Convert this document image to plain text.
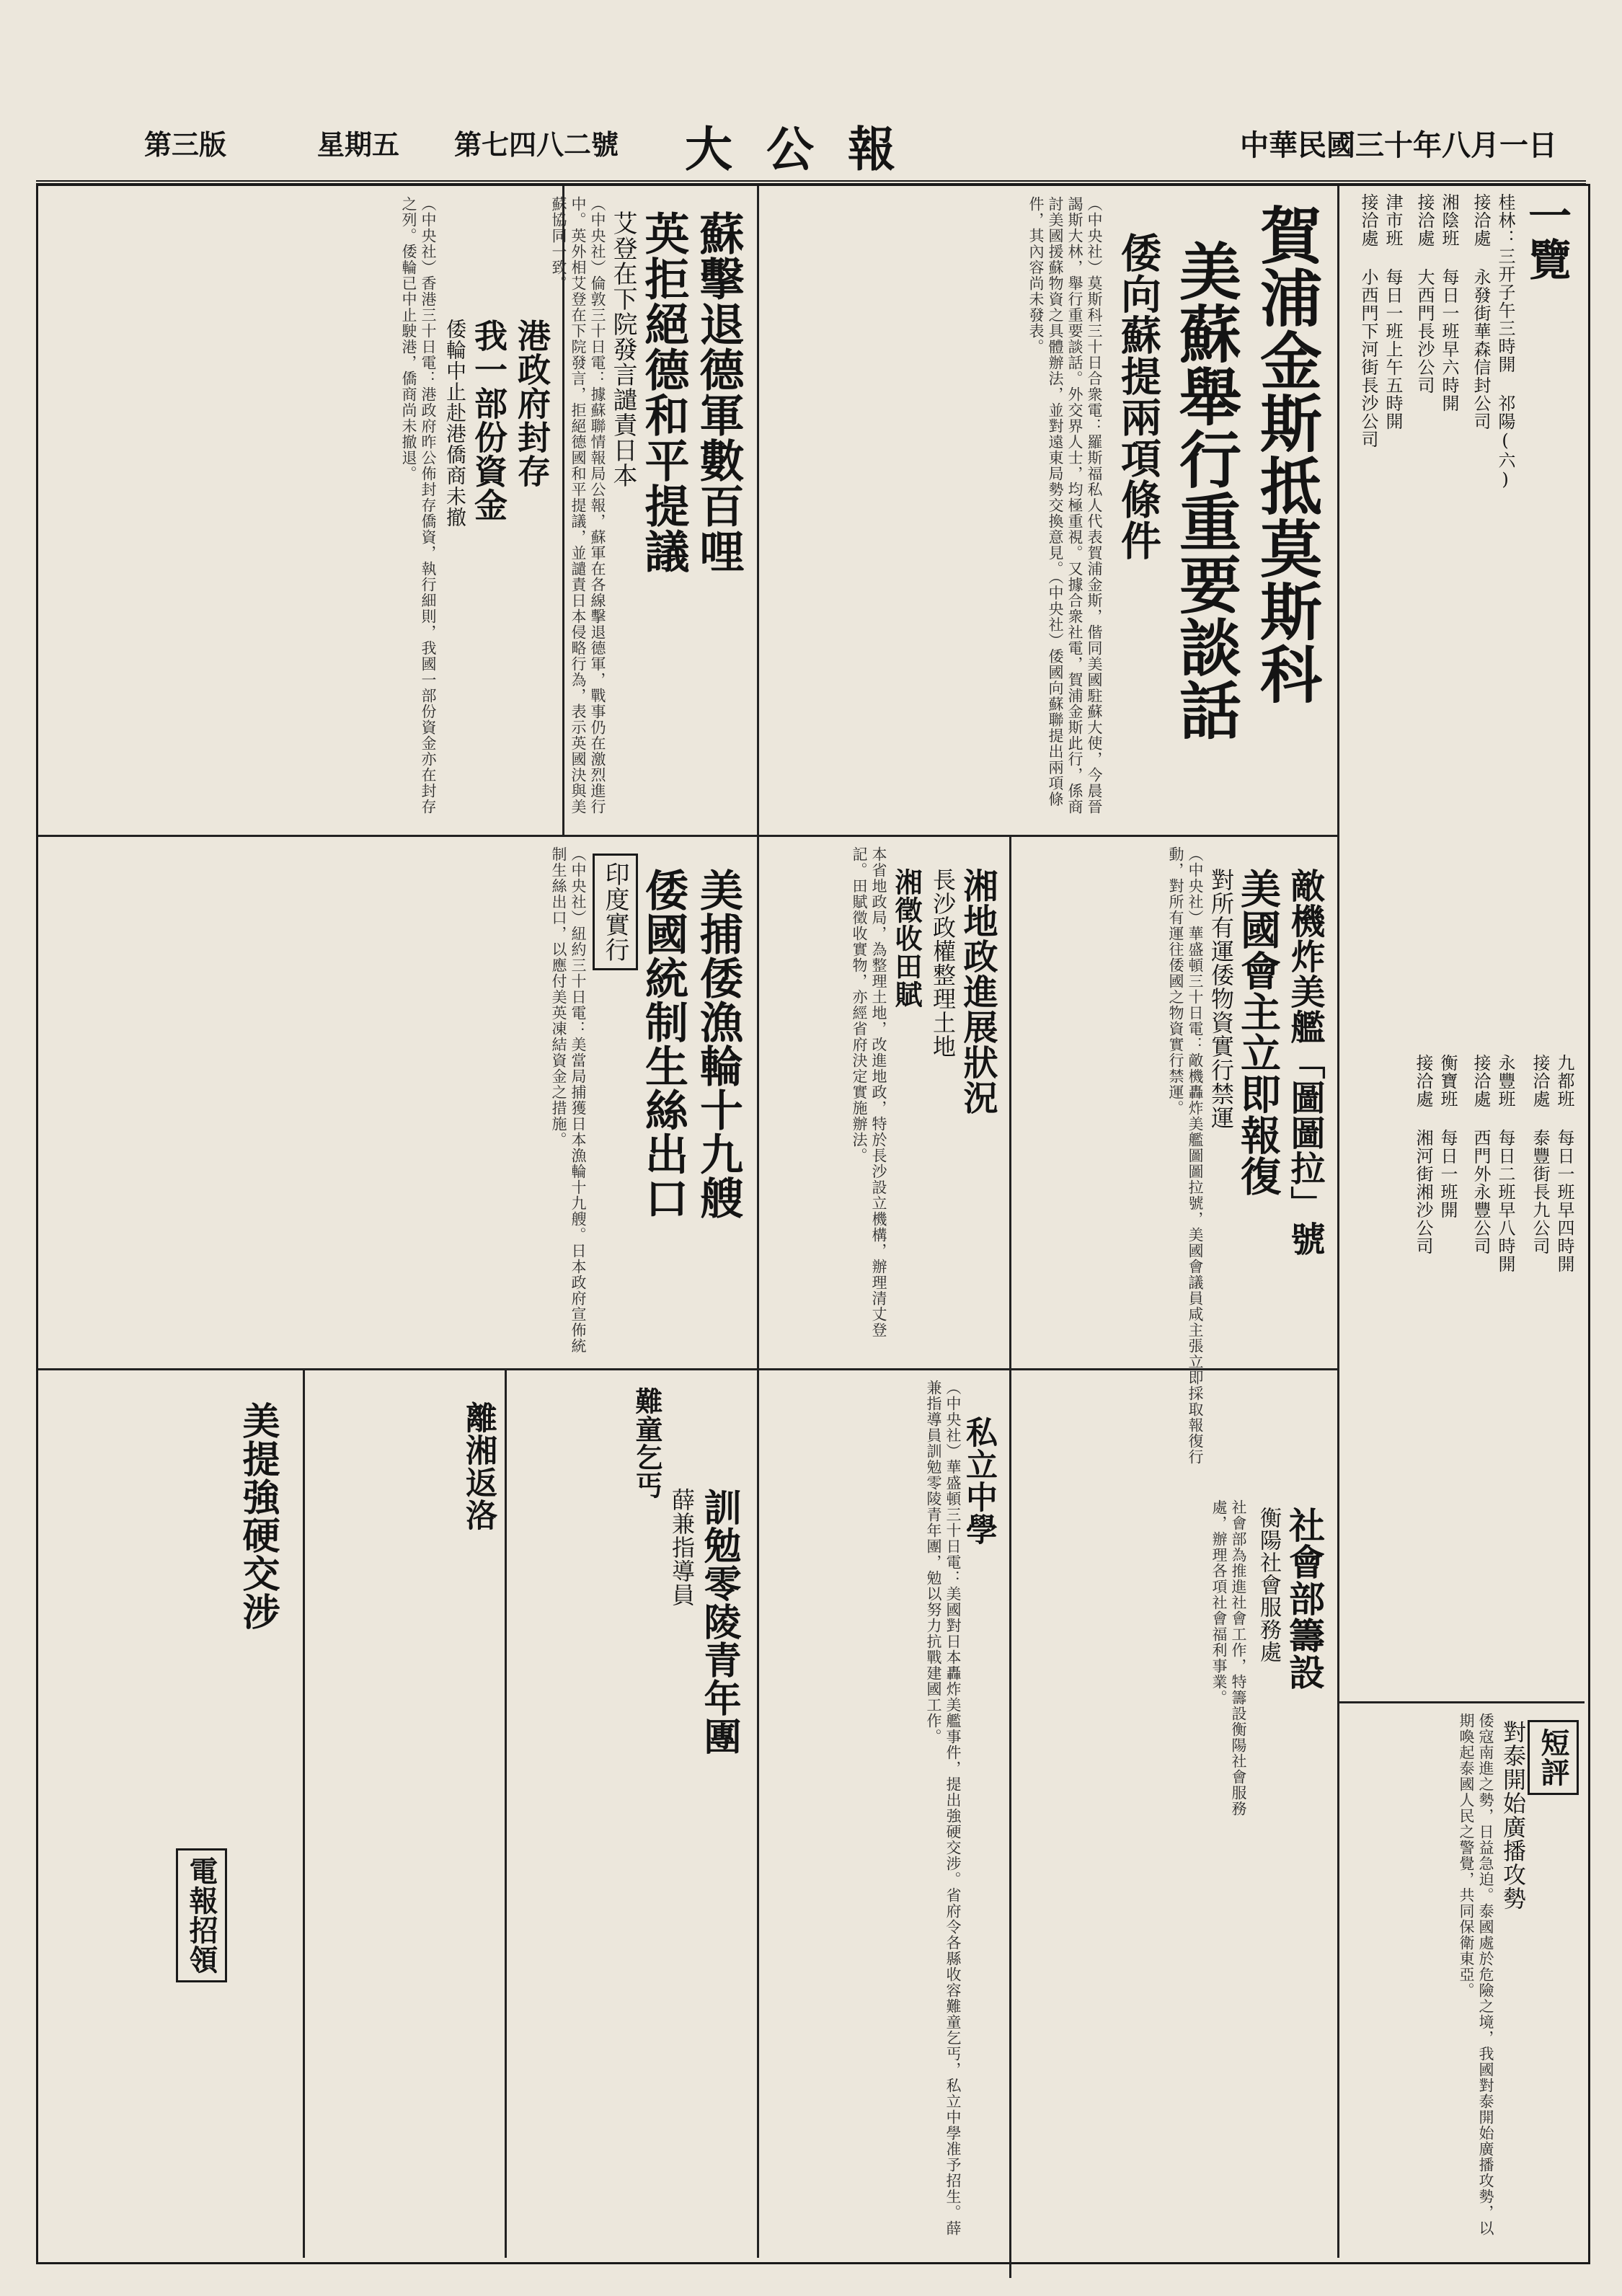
中華民國三十年八月一日
大 公 報
第七四八二號
星期五
第三版
一覽
桂林：三开子午三時開 祁陽(六)
接洽處 永發街華森信封公司
湘陰班 每日一班早六時開
接洽處 大西門長沙公司
津市班 每日一班上午五時開
接洽處 小西門下河街長沙公司
九都班 每日一班早四時開
接洽處 泰豐街長九公司
永豐班 每日二班早八時開
接洽處 西門外永豐公司
衡寶班 每日一班開
接洽處 湘河街湘沙公司
賀浦金斯抵莫斯科
美蘇舉行重要談話
倭向蘇提兩項條件
（中央社）莫斯科三十日合衆電：羅斯福私人代表賀浦金斯，偕同美國駐蘇大使，今晨晉謁斯大林，舉行重要談話。外交界人士，均極重視。又據合衆社電，賀浦金斯此行，係商討美國援蘇物資之具體辦法，並對遠東局勢交換意見。（中央社）倭國向蘇聯提出兩項條件，其內容尚未發表。
蘇擊退德軍數百哩
英拒絕德和平提議
艾登在下院發言譴責日本
（中央社）倫敦三十日電：據蘇聯情報局公報，蘇軍在各線擊退德軍，戰事仍在激烈進行中。英外相艾登在下院發言，拒絕德國和平提議，並譴責日本侵略行為，表示英國決與美蘇協同一致。
港政府封存
我一部份資金
倭輪中止赴港僑商未撤
（中央社）香港三十日電：港政府昨公佈封存僑資，執行細則，我國一部份資金亦在封存之列。倭輪已中止駛港，僑商尚未撤退。
美捕倭漁輪十九艘
倭國統制生絲出口
印度實行
（中央社）紐約三十日電：美當局捕獲日本漁輪十九艘。日本政府宣佈統制生絲出口，以應付美英凍結資金之措施。	湘地政進展狀況
長沙政權整理土地
湘徵收田賦
本省地政局，為整理土地，改進地政，特於長沙設立機構，辦理清丈登記。田賦徵收實物，亦經省府決定實施辦法。	敵機炸美艦「圖圖拉」號
美國會主立即報復
對所有運倭物資實行禁運
（中央社）華盛頓三十日電：敵機轟炸美艦圖圖拉號，美國會議員咸主張立即採取報復行動，對所有運往倭國之物資實行禁運。
社會部籌設
衡陽社會服務處
社會部為推進社會工作，特籌設衡陽社會服務處，辦理各項社會福利事業。
短評
對泰開始廣播攻勢
倭寇南進之勢，日益急迫。泰國處於危險之境，我國對泰開始廣播攻勢，以期喚起泰國人民之警覺，共同保衛東亞。
私立中學
訓勉零陵青年團
薛兼指導員
難童乞丐
離湘返洛
美提強硬交涉
電報招領	（中央社）華盛頓三十日電：美國對日本轟炸美艦事件，提出強硬交涉。省府令各縣收容難童乞丐，私立中學准予招生。薛兼指導員訓勉零陵青年團，勉以努力抗戰建國工作。
